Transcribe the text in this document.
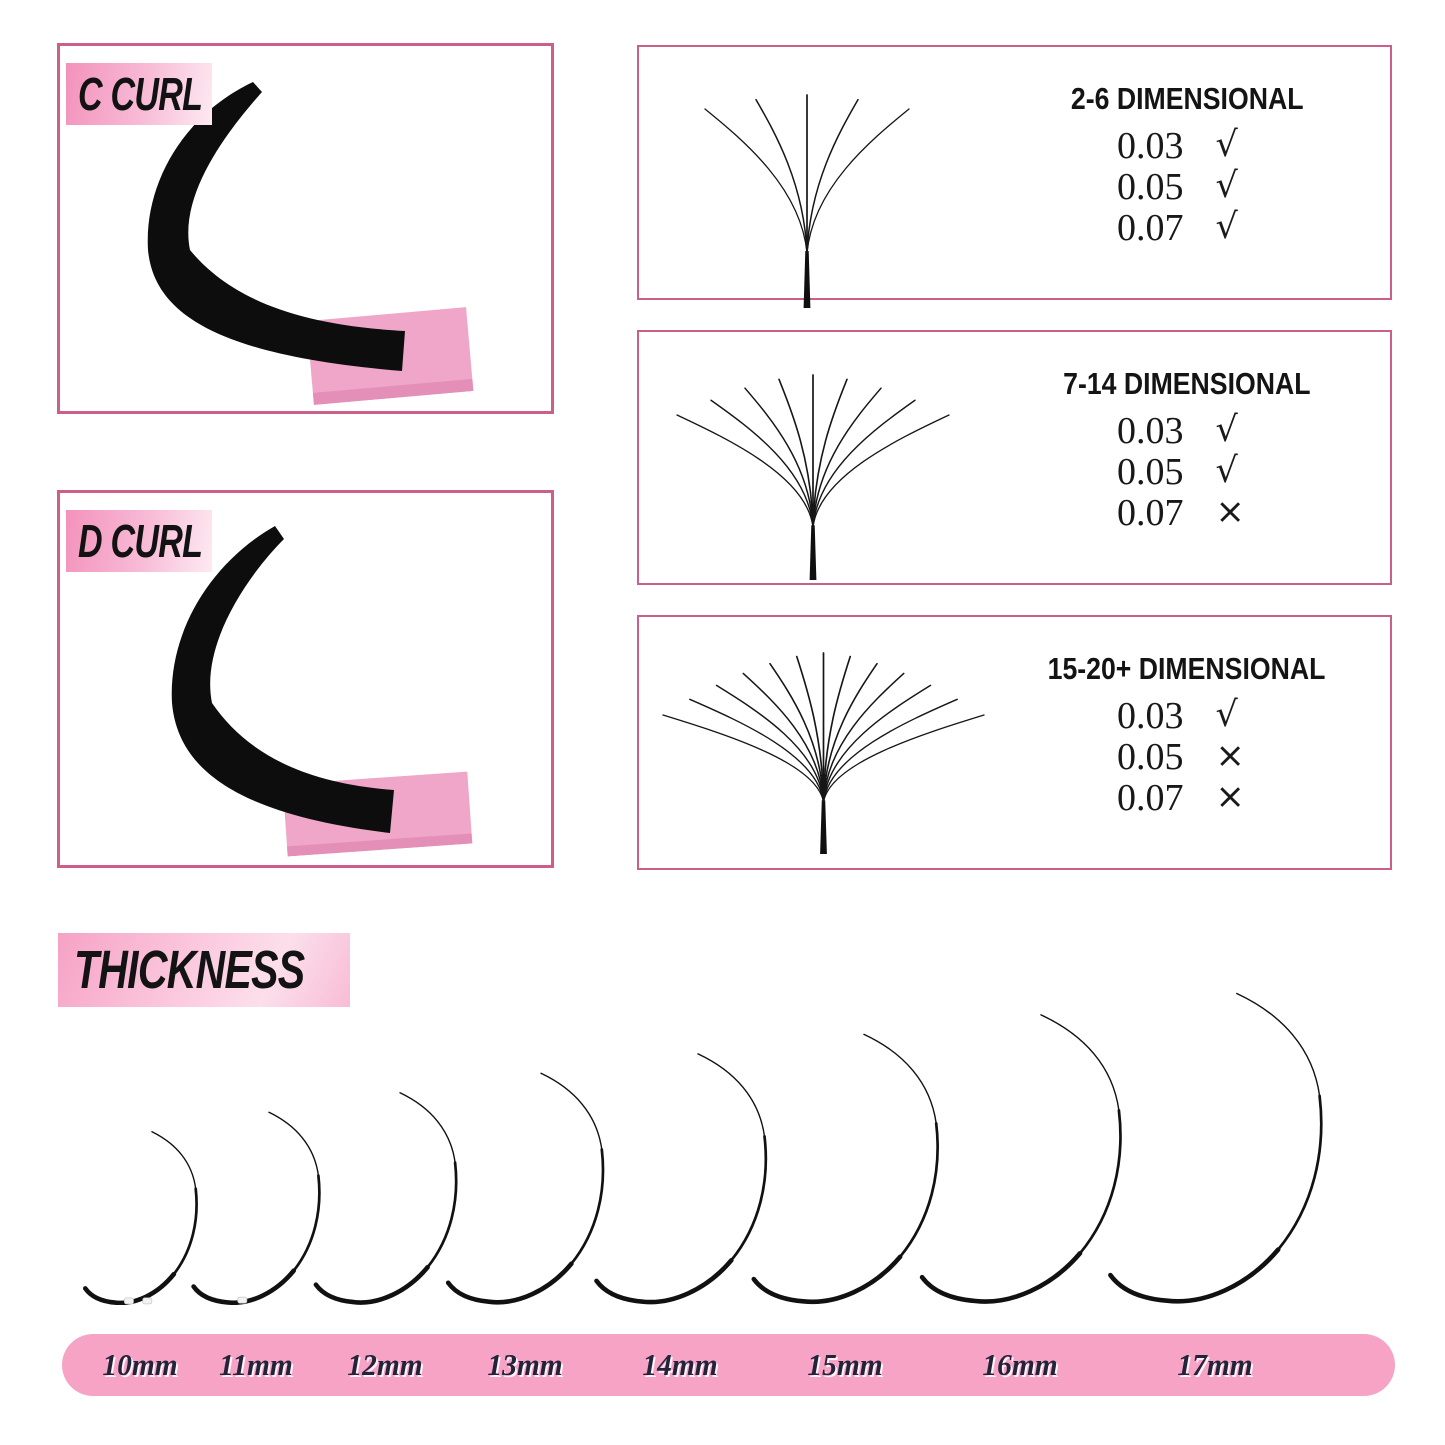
C CURL
D CURL
2-6 DIMENSIONAL
0.03 √
0.05 √
0.07 √
7-14 DIMENSIONAL
0.03 √
0.05 √
0.07 ×
15-20+ DIMENSIONAL
0.03 √
0.05 ×
0.07 ×
THICKNESS
10mm 11mm 12mm 13mm	14mm	15mm	16mm	17mm
